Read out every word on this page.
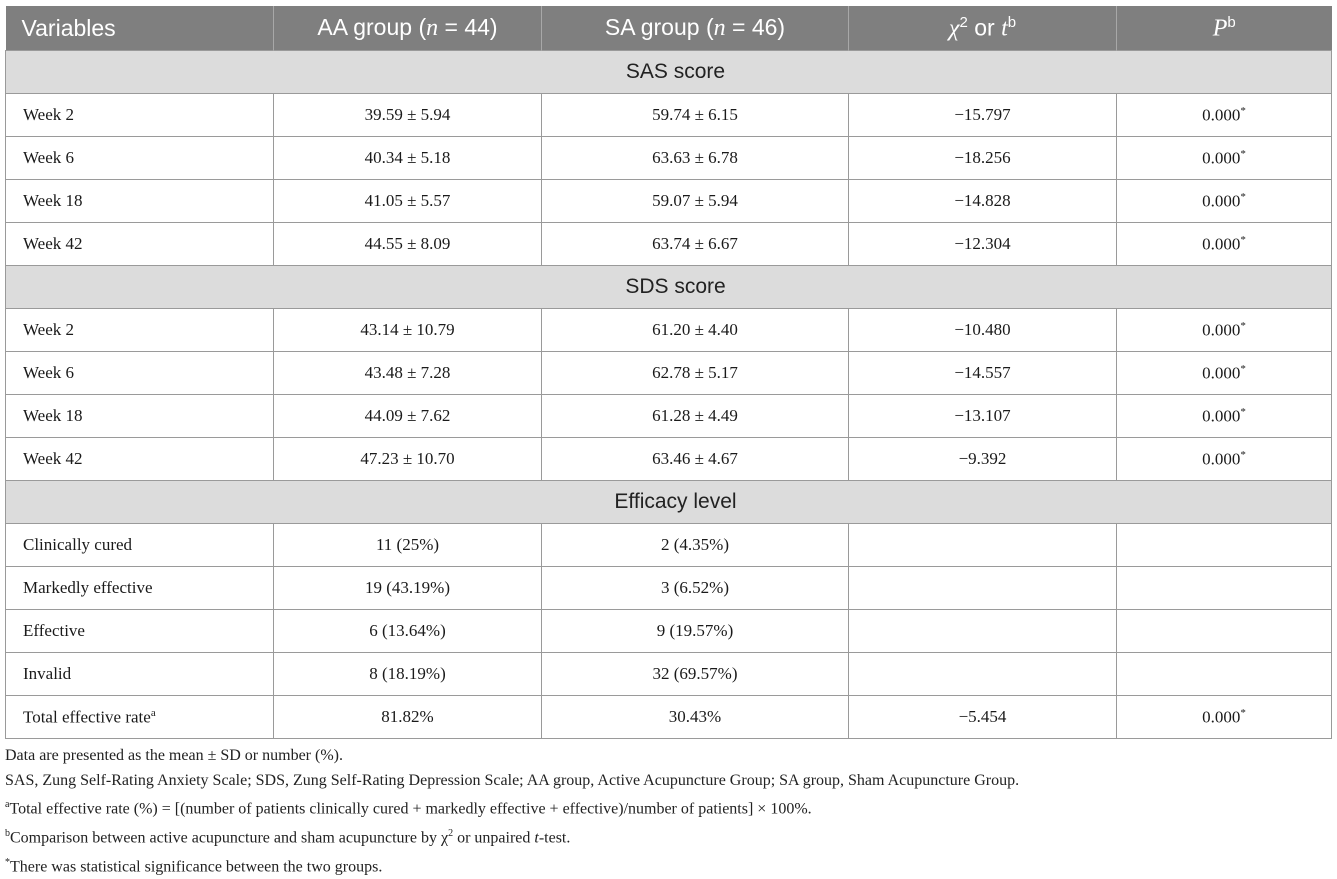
Variables	AA group (n = 44)	SA group (n = 46)	$\chi^2$ or $t^b$	$P^b$
SAS score				
Week 2	39.59 ± 5.94	59.74 ± 6.15	−15.797	0.000*
Week 6	40.34 ± 5.18	63.63 ± 6.78	−18.256	0.000*
Week 18	41.05 ± 5.57	59.07 ± 5.94	−14.828	0.000*
Week 42	44.55 ± 8.09	63.74 ± 6.67	−12.304	0.000*
SDS score				
Week 2	43.14 ± 10.79	61.20 ± 4.40	−10.480	0.000*
Week 6	43.48 ± 7.28	62.78 ± 5.17	−14.557	0.000*
Week 18	44.09 ± 7.62	61.28 ± 4.49	−13.107	0.000*
Week 42	47.23 ± 10.70	63.46 ± 4.67	−9.392	0.000*
Efficacy level				
Clinically cured	11 (25%)	2 (4.35%)		
Markedly effective	19 (43.19%)	3 (6.52%)		
Effective	6 (13.64%)	9 (19.57%)		
Invalid	8 (18.19%)	32 (69.57%)		
Total effective rate$^a$	81.82%	30.43%	−5.454	0.000*
Data are presented as the mean ± SD or number (%).
SAS, Zung Self-Rating Anxiety Scale; SDS, Zung Self-Rating Depression Scale; AA group, Active Acupuncture Group; SA group, Sham Acupuncture Group.
$^a$Total effective rate (%) = [(number of patients clinically cured + markedly effective + effective)/number of patients] × 100%.
$^b$Comparison between active acupuncture and sham acupuncture by $\chi^2$ or unpaired t-test.
*There was statistical significance between the two groups.
